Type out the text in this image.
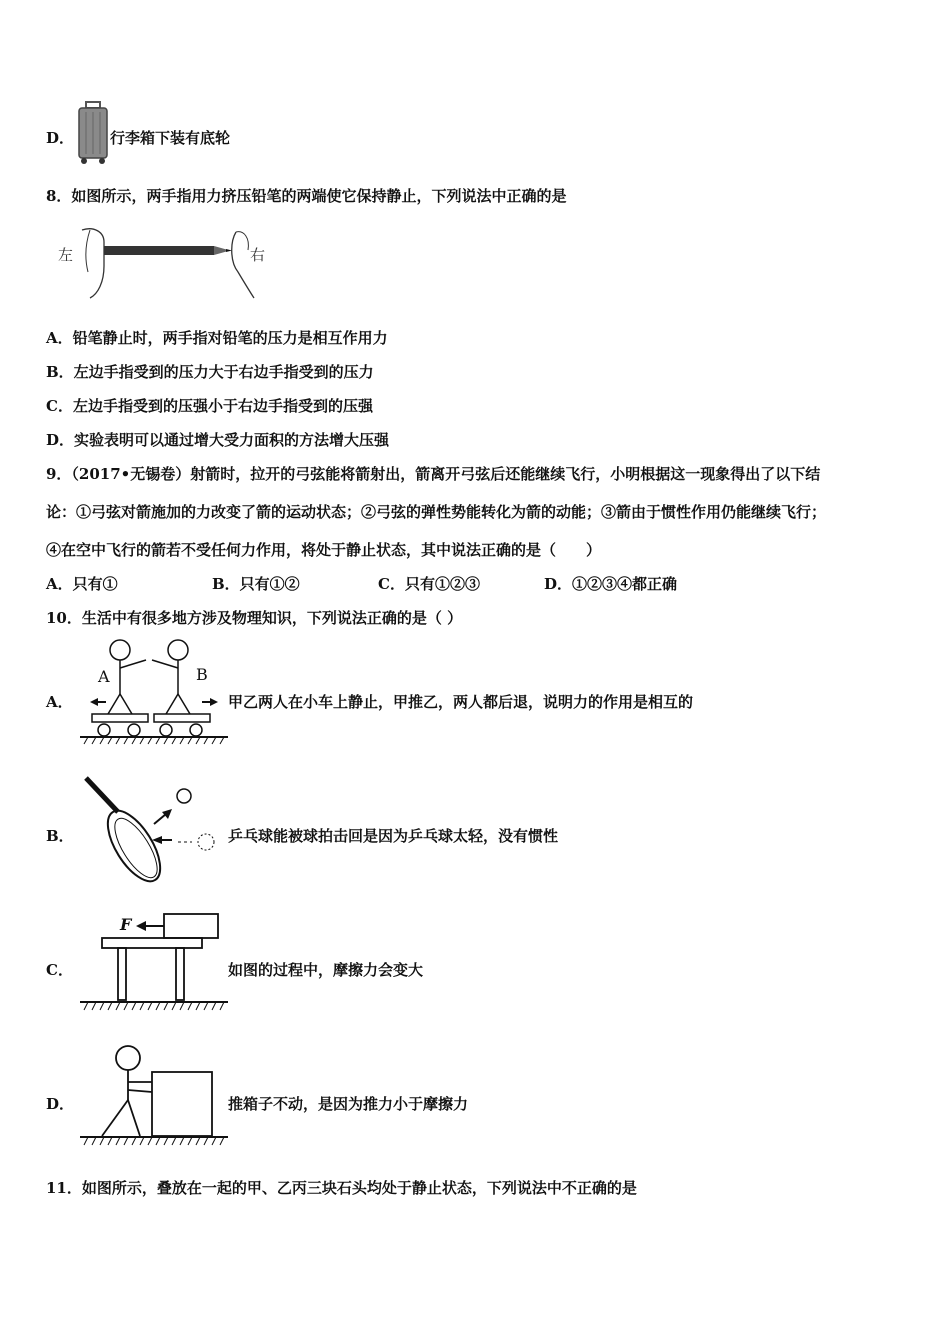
D． 行李箱下装有底轮
8．如图所示，两手指用力挤压铅笔的两端使它保持静止，下列说法中正确的是
左	右
A．铅笔静止时，两手指对铅笔的压力是相互作用力
B．左边手指受到的压力大于右边手指受到的压力
C．左边手指受到的压强小于右边手指受到的压强
D．实验表明可以通过增大受力面积的方法增大压强
9．（2017•无锡卷）射箭时，拉开的弓弦能将箭射出，箭离开弓弦后还能继续飞行，小明根据这一现象得出了以下结
论：①弓弦对箭施加的力改变了箭的运动状态；②弓弦的弹性势能转化为箭的动能；③箭由于惯性作用仍能继续飞行；
④在空中飞行的箭若不受任何力作用，将处于静止状态，其中说法正确的是（　　）
A．只有①	B．只有①②	C．只有①②③	D．①②③④都正确
10．生活中有很多地方涉及物理知识，下列说法正确的是（ ）
A．
A	B
甲乙两人在小车上静止，甲推乙，两人都后退，说明力的作用是相互的
B．	乒乓球能被球拍击回是因为乒乓球太轻，没有惯性
C．
F
如图的过程中，摩擦力会变大
D．	推箱子不动，是因为推力小于摩擦力
11．如图所示，叠放在一起的甲、乙丙三块石头均处于静止状态，下列说法中不正确的是
